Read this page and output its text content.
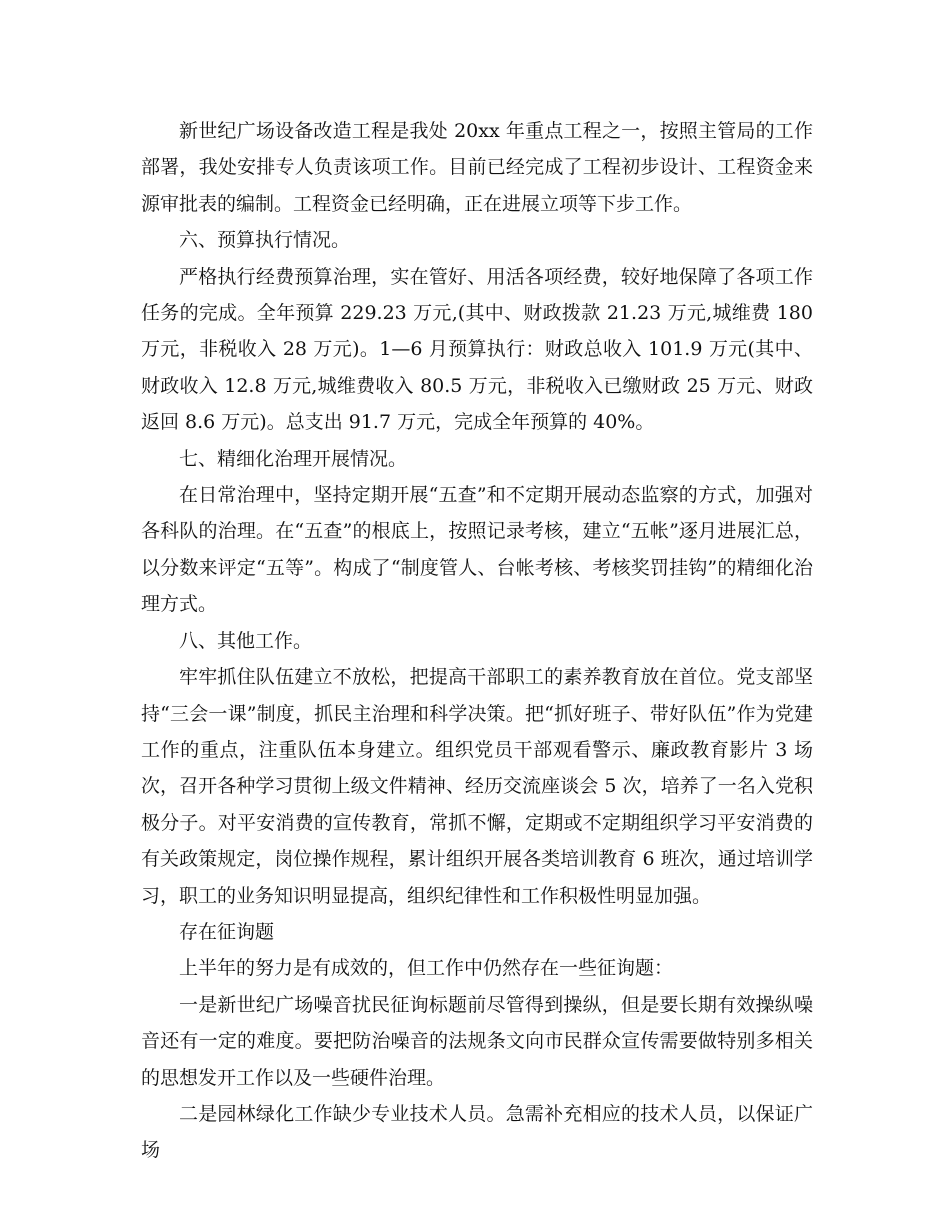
新世纪广场设备改造工程是我处 20xx 年重点工程之一，按照主管局的工作部署，我处安排专人负责该项工作。目前已经完成了工程初步设计、工程资金来源审批表的编制。工程资金已经明确，正在进展立项等下步工作。

六、预算执行情况。

严格执行经费预算治理，实在管好、用活各项经费，较好地保障了各项工作任务的完成。全年预算 229.23 万元,(其中、财政拨款 21.23 万元,城维费 180 万元，非税收入 28 万元)。1—6 月预算执行：财政总收入 101.9 万元(其中、财政收入 12.8 万元,城维费收入 80.5 万元，非税收入已缴财政 25 万元、财政返回 8.6 万元)。总支出 91.7 万元，完成全年预算的 40%。

七、精细化治理开展情况。

在日常治理中，坚持定期开展“五查”和不定期开展动态监察的方式，加强对各科队的治理。在“五查”的根底上，按照记录考核，建立“五帐”逐月进展汇总，以分数来评定“五等”。构成了“制度管人、台帐考核、考核奖罚挂钩”的精细化治理方式。

八、其他工作。

牢牢抓住队伍建立不放松，把提高干部职工的素养教育放在首位。党支部坚持“三会一课”制度，抓民主治理和科学决策。把“抓好班子、带好队伍”作为党建工作的重点，注重队伍本身建立。组织党员干部观看警示、廉政教育影片 3 场次，召开各种学习贯彻上级文件精神、经历交流座谈会 5 次，培养了一名入党积极分子。对平安消费的宣传教育，常抓不懈，定期或不定期组织学习平安消费的有关政策规定，岗位操作规程，累计组织开展各类培训教育 6 班次，通过培训学习，职工的业务知识明显提高，组织纪律性和工作积极性明显加强。

存在征询题

上半年的努力是有成效的，但工作中仍然存在一些征询题：

一是新世纪广场噪音扰民征询标题前尽管得到操纵，但是要长期有效操纵噪音还有一定的难度。要把防治噪音的法规条文向市民群众宣传需要做特别多相关的思想发开工作以及一些硬件治理。

二是园林绿化工作缺少专业技术人员。急需补充相应的技术人员，以保证广场
